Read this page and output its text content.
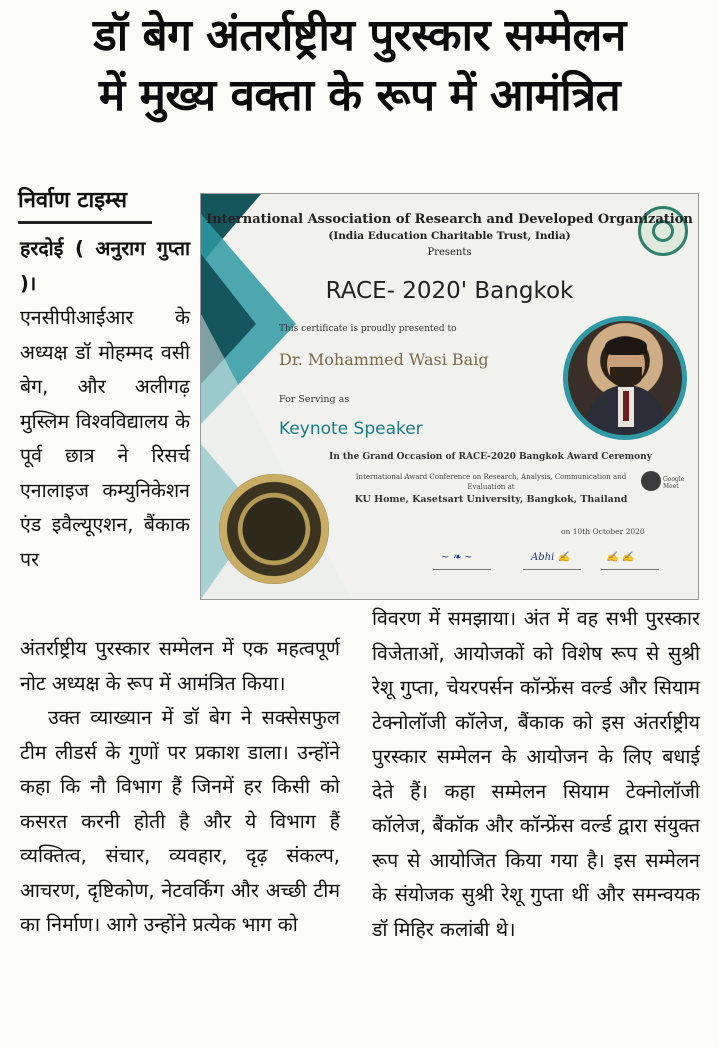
डॉ बेग अंतर्राष्ट्रीय पुरस्कार सम्मेलन
में मुख्य वक्ता के रूप में आमंत्रित
निर्वाण टाइम्स

हरदोई ( अनुराग गुप्ता )।

एनसीपीआईआर के अध्यक्ष डॉ मोहम्मद वसी बेग, और अलीगढ़ मुस्लिम विश्वविद्यालय के पूर्व छात्र ने रिसर्च एनालाइज कम्युनिकेशन एंड इवैल्यूएशन, बैंकाक पर

International Association of Research and Developed Organization
(India Education Charitable Trust, India)
Presents
RACE- 2020' Bangkok
This certificate is proudly presented to
Dr. Mohammed Wasi Baig
For Serving as
Keynote Speaker
In the Grand Occasion of RACE-2020 Bangkok Award Ceremony
International Award Conference on Research, Analysis, Communication and Evaluation at
KU Home, Kasetsart University, Bangkok, Thailand
on 10th October 2020
Google Meet
~ ❧ ~	Abhi ✍	✍ ✍

अंतर्राष्ट्रीय पुरस्कार सम्मेलन में एक महत्वपूर्ण नोट अध्यक्ष के रूप में आमंत्रित किया।

उक्त व्याख्यान में डॉ बेग ने सक्सेसफुल टीम लीडर्स के गुणों पर प्रकाश डाला। उन्होंने कहा कि नौ विभाग हैं जिनमें हर किसी को कसरत करनी होती है और ये विभाग हैं व्यक्तित्व, संचार, व्यवहार, दृढ़ संकल्प, आचरण, दृष्टिकोण, नेटवर्किंग और अच्छी टीम का निर्माण। आगे उन्होंने प्रत्येक भाग को

विवरण में समझाया। अंत में वह सभी पुरस्कार विजेताओं, आयोजकों को विशेष रूप से सुश्री रेशू गुप्ता, चेयरपर्सन कॉन्फ्रेंस वर्ल्ड और सियाम टेक्नोलॉजी कॉलेज, बैंकाक को इस अंतर्राष्ट्रीय पुरस्कार सम्मेलन के आयोजन के लिए बधाई देते हैं। कहा सम्मेलन सियाम टेक्नोलॉजी कॉलेज, बैंकॉक और कॉन्फ्रेंस वर्ल्ड द्वारा संयुक्त रूप से आयोजित किया गया है। इस सम्मेलन के संयोजक सुश्री रेशू गुप्ता थीं और समन्वयक डॉ मिहिर कलांबी थे।
